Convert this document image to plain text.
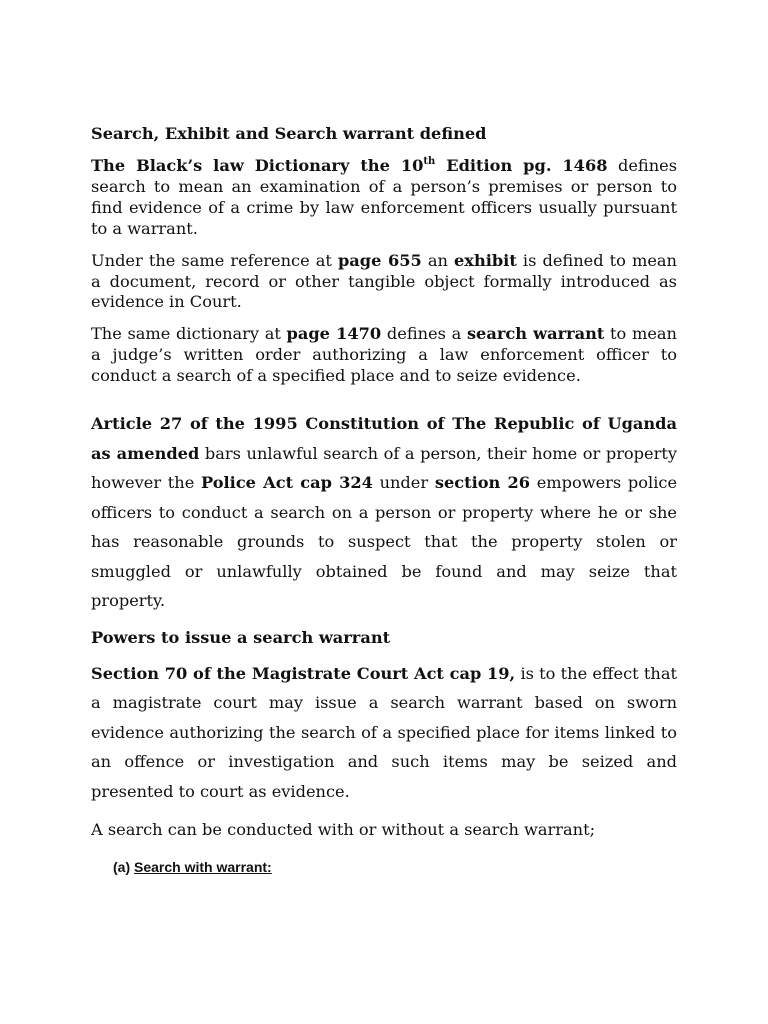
Search, Exhibit and Search warrant defined

The Black’s law Dictionary the 10th Edition pg. 1468 defines search to mean an examination of a person’s premises or person to find evidence of a crime by law enforcement officers usually pursuant to a warrant.

Under the same reference at page 655 an exhibit is defined to mean a document, record or other tangible object formally introduced as evidence in Court.

The same dictionary at page 1470 defines a search warrant to mean a judge’s written order authorizing a law enforcement officer to conduct a search of a specified place and to seize evidence.

Article 27 of the 1995 Constitution of The Republic of Uganda as amended bars unlawful search of a person, their home or property however the Police Act cap 324 under section 26 empowers police officers to conduct a search on a person or property where he or she has reasonable grounds to suspect that the property stolen or smuggled or unlawfully obtained be found and may seize that property.

Powers to issue a search warrant

Section 70 of the Magistrate Court Act cap 19, is to the effect that a magistrate court may issue a search warrant based on sworn evidence authorizing the search of a specified place for items linked to an offence or investigation and such items may be seized and presented to court as evidence.

A search can be conducted with or without a search warrant;

(a) Search with warrant:
